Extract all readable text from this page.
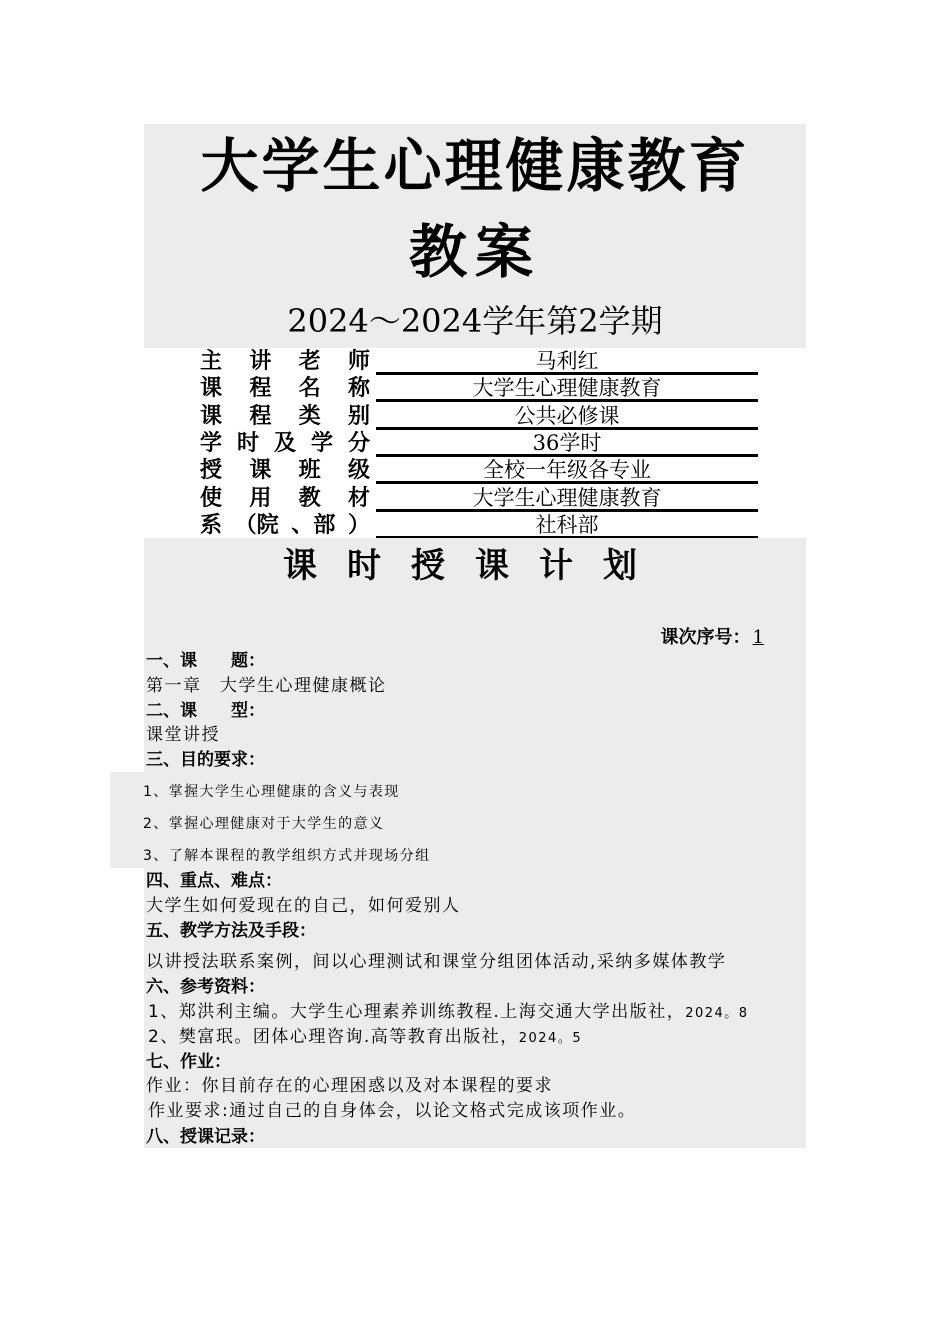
大学生心理健康教育
教案
2024～2024学年第2学期
主 讲 老 师	马利红
课 程 名 称	大学生心理健康教育
课 程 类 别	公共必修课
学 时 及 学 分	36学时
授 课 班 级	全校一年级各专业
使 用 教 材	大学生心理健康教育
系 （院 、部 ）	社科部
课时授课计划
课次序号： 1
一、课　　题：
第一章　大学生心理健康概论
二、课　　型：
课堂讲授
三、目的要求：
1、掌握大学生心理健康的含义与表现
2、掌握心理健康对于大学生的意义
3、了解本课程的教学组织方式并现场分组
四、重点、难点：
大学生如何爱现在的自己，如何爱别人
五、教学方法及手段：
以讲授法联系案例，间以心理测试和课堂分组团体活动,采纳多媒体教学
六、参考资料：
1、郑洪利主编。大学生心理素养训练教程.上海交通大学出版社，2024。8
2、樊富珉。团体心理咨询.高等教育出版社，2024。5
七、作业：
作业：你目前存在的心理困惑以及对本课程的要求
作业要求:通过自己的自身体会，以论文格式完成该项作业。
八、授课记录：
